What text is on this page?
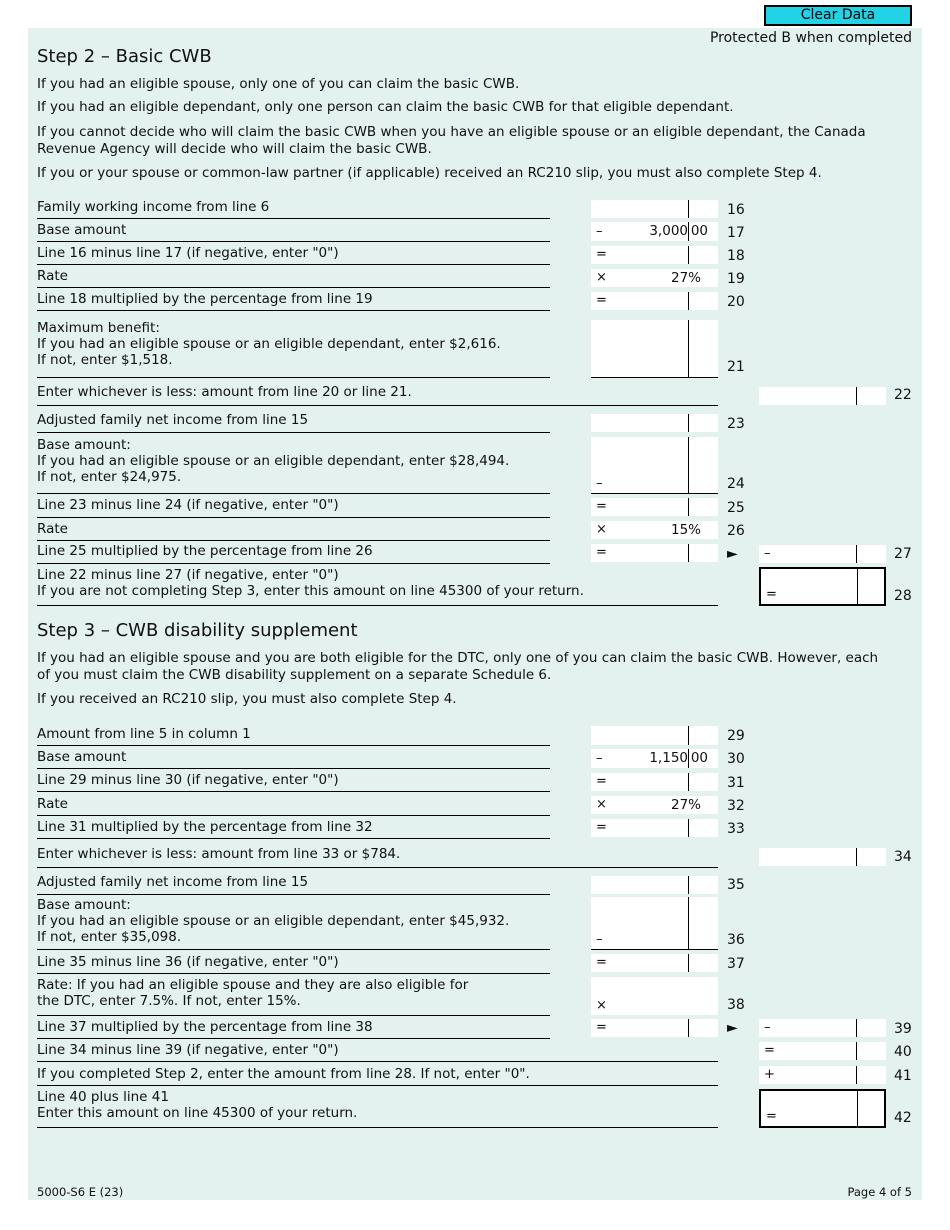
Clear Data
Protected B when completed
Step 2 – Basic CWB
If you had an eligible spouse, only one of you can claim the basic CWB.
If you had an eligible dependant, only one person can claim the basic CWB for that eligible dependant.
If you cannot decide who will claim the basic CWB when you have an eligible spouse or an eligible dependant, the Canada
Revenue Agency will decide who will claim the basic CWB.
If you or your spouse or common-law partner (if applicable) received an RC210 slip, you must also complete Step 4.
Family working income from line 6	16
Base amount	–	3,000 00 17
Line 16 minus line 17 (if negative, enter "0")	=	18
Rate	×	27% 19
Line 18 multiplied by the percentage from line 19	=	20
Maximum benefit:
If you had an eligible spouse or an eligible dependant, enter $2,616.
If not, enter $1,518.	21
Enter whichever is less: amount from line 20 or line 21.	22
Adjusted family net income from line 15	23
Base amount:
If you had an eligible spouse or an eligible dependant, enter $28,494.
If not, enter $24,975.	–	24
Line 23 minus line 24 (if negative, enter "0")	=	25
Rate	×	15% 26
Line 25 multiplied by the percentage from line 26	=	► –	27
Line 22 minus line 27 (if negative, enter "0")
If you are not completing Step 3, enter this amount on line 45300 of your return.	=	28
Step 3 – CWB disability supplement
If you had an eligible spouse and you are both eligible for the DTC, only one of you can claim the basic CWB. However, each
of you must claim the CWB disability supplement on a separate Schedule 6.
If you received an RC210 slip, you must also complete Step 4.
Amount from line 5 in column 1	29
Base amount	–	1,150 00 30
Line 29 minus line 30 (if negative, enter "0")	=	31
Rate	×	27% 32
Line 31 multiplied by the percentage from line 32	=	33
Enter whichever is less: amount from line 33 or $784.	34
Adjusted family net income from line 15	35
Base amount:
If you had an eligible spouse or an eligible dependant, enter $45,932.
If not, enter $35,098.	–	36
Line 35 minus line 36 (if negative, enter "0")	=	37
Rate: If you had an eligible spouse and they are also eligible for
the DTC, enter 7.5%. If not, enter 15%.	×	38
Line 37 multiplied by the percentage from line 38	=	► –	39
Line 34 minus line 39 (if negative, enter "0")	=	40
If you completed Step 2, enter the amount from line 28. If not, enter "0".	+	41
Line 40 plus line 41
Enter this amount on line 45300 of your return.	=	42
5000-S6 E (23)	Page 4 of 5
